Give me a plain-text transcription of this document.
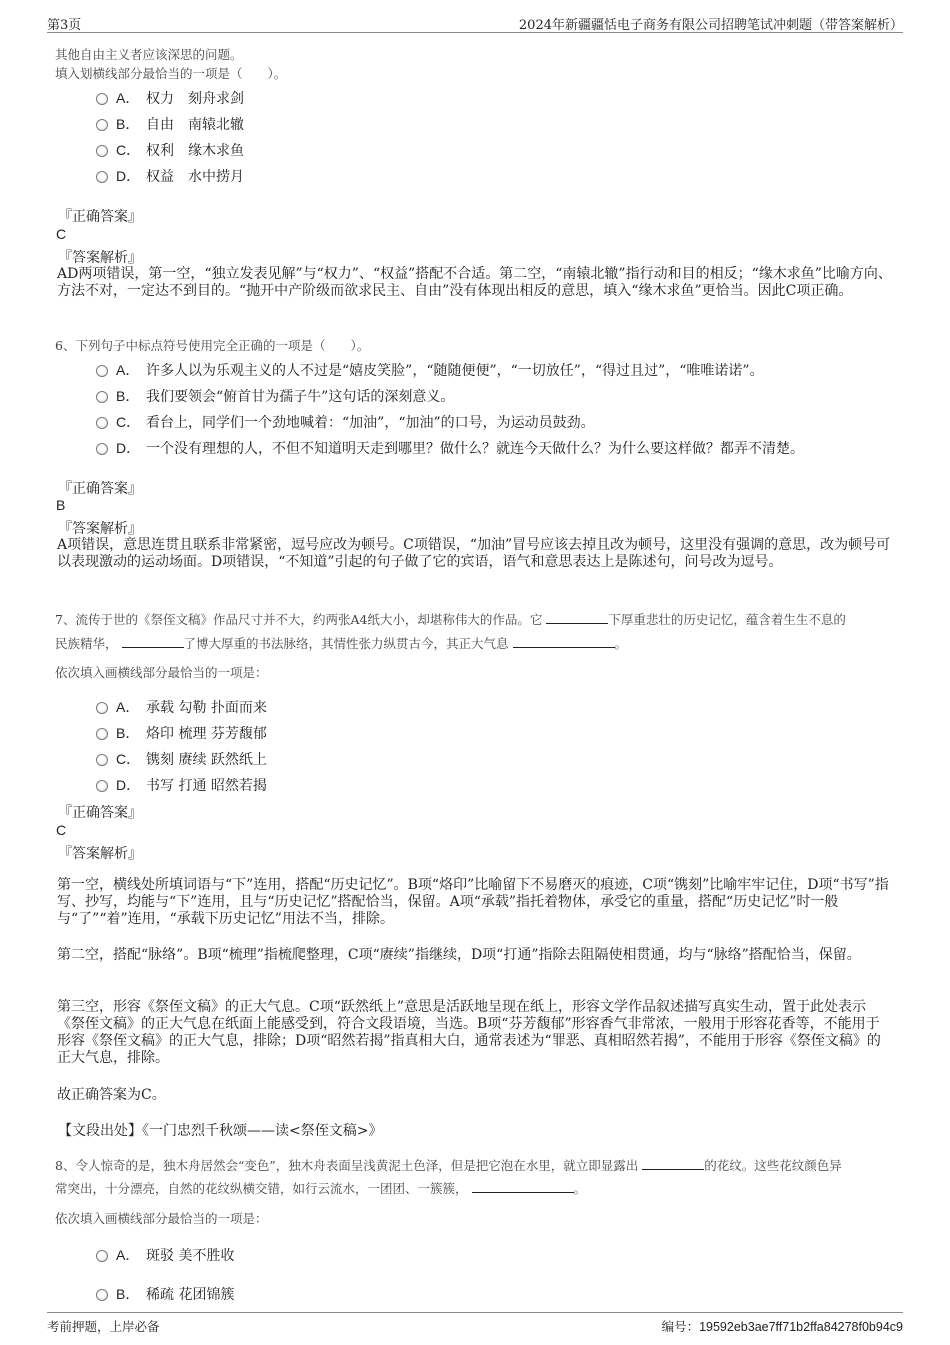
第3页	2024年新疆疆恬电子商务有限公司招聘笔试冲刺题（带答案解析）
其他自由主义者应该深思的问题。
填入划横线部分最恰当的一项是（　　）。
A． 权力　刻舟求剑
B． 自由　南辕北辙
C． 权利　缘木求鱼
D． 权益　水中捞月
『正确答案』
C
『答案解析』
AD两项错误，第一空，“独立发表见解”与“权力”、“权益”搭配不合适。第二空，“南辕北辙”指行动和目的相反；“缘木求鱼”比喻方向、方法不对，一定达不到目的。“抛开中产阶级而欲求民主、自由”没有体现出相反的意思，填入“缘木求鱼”更恰当。因此C项正确。
6、下列句子中标点符号使用完全正确的一项是（　　）。
A． 许多人以为乐观主义的人不过是“嬉皮笑脸”，“随随便便”，“一切放任”，“得过且过”，“唯唯诺诺”。
B． 我们要领会“俯首甘为孺子牛”这句话的深刻意义。
C． 看台上，同学们一个劲地喊着：“加油”，“加油”的口号，为运动员鼓劲。
D． 一个没有理想的人，不但不知道明天走到哪里？做什么？就连今天做什么？为什么要这样做？都弄不清楚。
『正确答案』
B
『答案解析』
A项错误，意思连贯且联系非常紧密，逗号应改为顿号。C项错误，“加油”冒号应该去掉且改为顿号，这里没有强调的意思，改为顿号可以表现激动的运动场面。D项错误，“不知道”引起的句子做了它的宾语，语气和意思表达上是陈述句，问号改为逗号。
7、流传于世的《祭侄文稿》作品尺寸并不大，约两张A4纸大小，却堪称伟大的作品。它	下厚重悲壮的历史记忆，蕴含着生生不息的
民族精华，	了博大厚重的书法脉络，其情性张力纵贯古今，其正大气息	。
依次填入画横线部分最恰当的一项是：
A． 承载 勾勒 扑面而来
B． 烙印 梳理 芬芳馥郁
C． 镌刻 赓续 跃然纸上
D． 书写 打通 昭然若揭
『正确答案』
C
『答案解析』
第一空，横线处所填词语与“下”连用，搭配“历史记忆”。B项“烙印”比喻留下不易磨灭的痕迹，C项“镌刻”比喻牢牢记住，D项“书写”指写、抄写，均能与“下”连用，且与“历史记忆”搭配恰当，保留。A项“承载”指托着物体，承受它的重量，搭配“历史记忆”时一般与“了”“着”连用，“承载下历史记忆”用法不当，排除。
第二空，搭配“脉络”。B项“梳理”指梳爬整理，C项“赓续”指继续，D项“打通”指除去阻隔使相贯通，均与“脉络”搭配恰当，保留。
第三空，形容《祭侄文稿》的正大气息。C项“跃然纸上”意思是活跃地呈现在纸上，形容文学作品叙述描写真实生动，置于此处表示《祭侄文稿》的正大气息在纸面上能感受到，符合文段语境，当选。B项“芬芳馥郁”形容香气非常浓，一般用于形容花香等，不能用于形容《祭侄文稿》的正大气息，排除；D项“昭然若揭”指真相大白，通常表述为“罪恶、真相昭然若揭”，不能用于形容《祭侄文稿》的正大气息，排除。
故正确答案为C。
【文段出处】《一门忠烈千秋颂——读<祭侄文稿>》
8、令人惊奇的是，独木舟居然会“变色”，独木舟表面呈浅黄泥土色泽，但是把它泡在水里，就立即显露出	的花纹。这些花纹颜色异
常突出，十分漂亮，自然的花纹纵横交错，如行云流水，一团团、一簇簇，	。
依次填入画横线部分最恰当的一项是：
A． 斑驳 美不胜收
B． 稀疏 花团锦簇
考前押题，上岸必备	编号：19592eb3ae7ff71b2ffa84278f0b94c9
